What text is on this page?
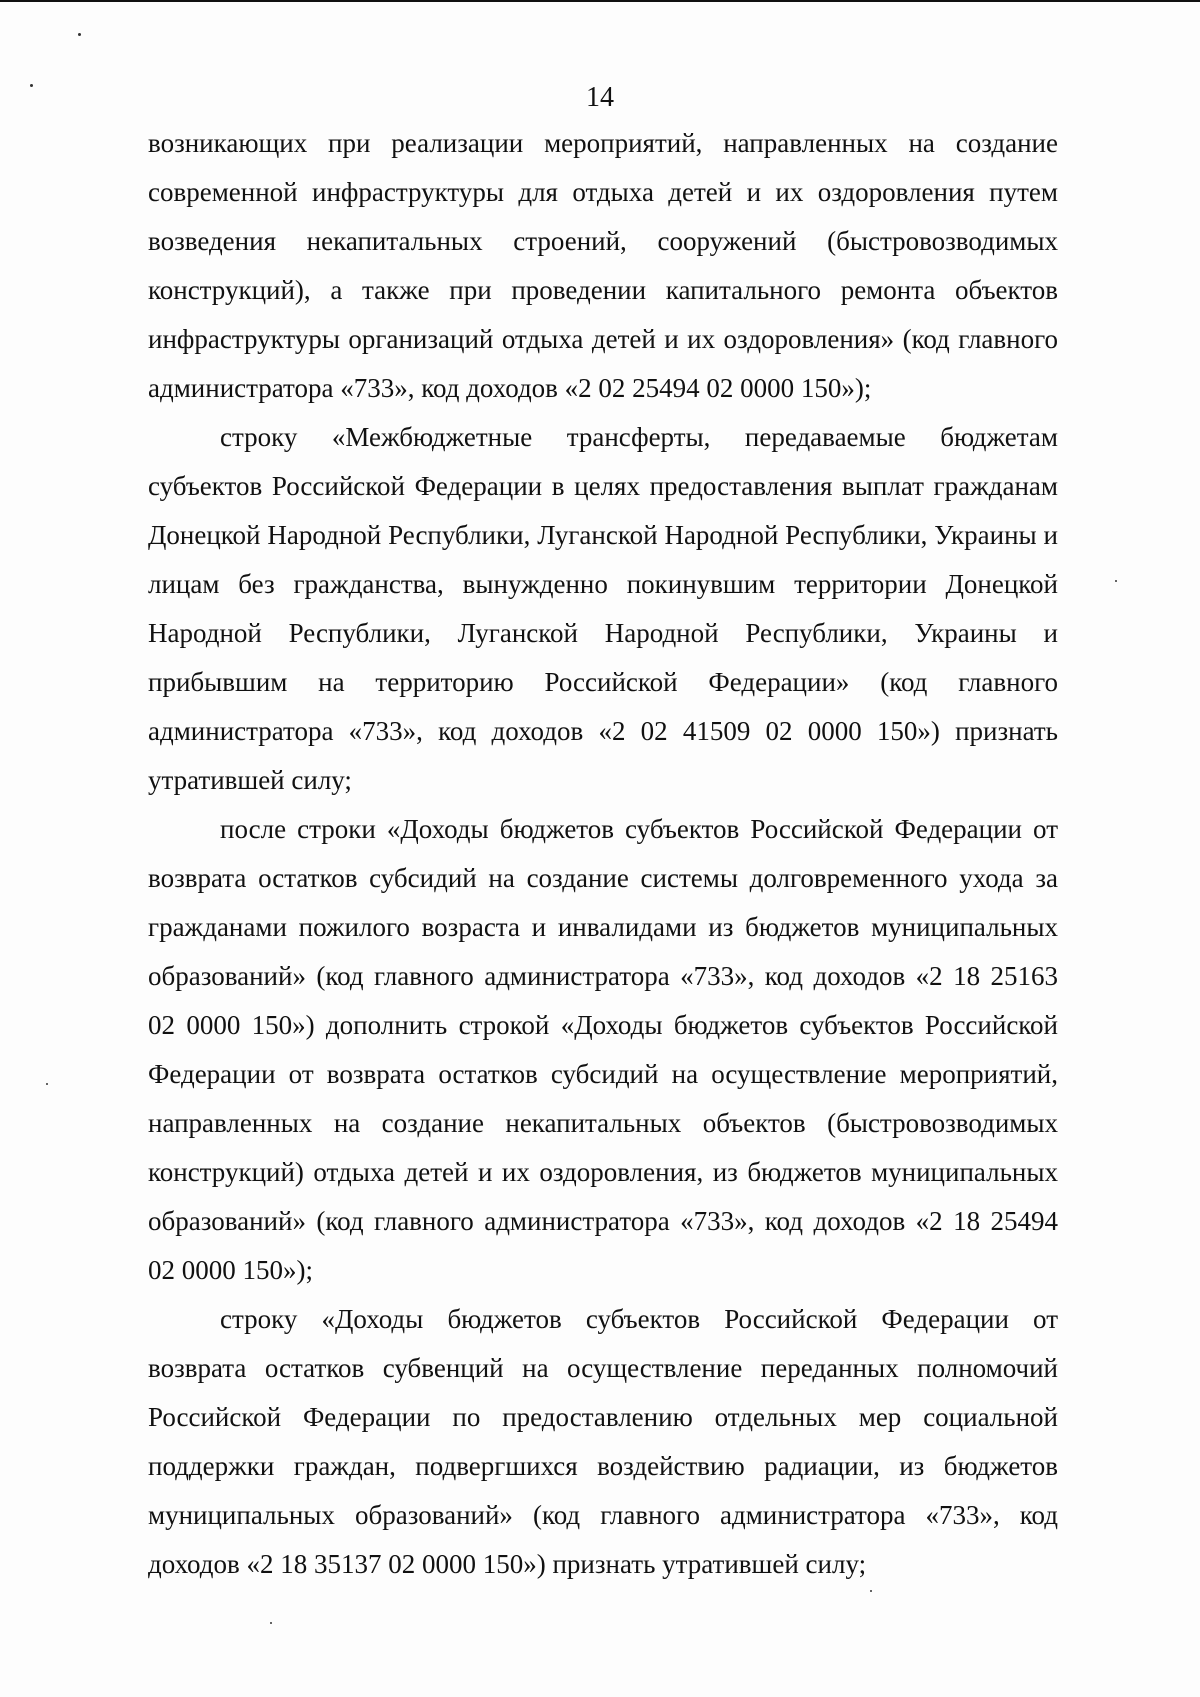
14

возникающих при реализации мероприятий, направленных на создание современной инфраструктуры для отдыха детей и их оздоровления путем возведения некапитальных строений, сооружений (быстровозводимых конструкций), а также при проведении капитального ремонта объектов инфраструктуры организаций отдыха детей и их оздоровления» (код главного администратора «733», код доходов «2 02 25494 02 0000 150»);

строку «Межбюджетные трансферты, передаваемые бюджетам субъектов Российской Федерации в целях предоставления выплат гражданам Донецкой Народной Республики, Луганской Народной Республики, Украины и лицам без гражданства, вынужденно покинувшим территории Донецкой Народной Республики, Луганской Народной Республики, Украины и прибывшим на территорию Российской Федерации» (код главного администратора «733», код доходов «2 02 41509 02 0000 150») признать утратившей силу;

после строки «Доходы бюджетов субъектов Российской Федерации от возврата остатков субсидий на создание системы долговременного ухода за гражданами пожилого возраста и инвалидами из бюджетов муниципальных образований» (код главного администратора «733», код доходов «2 18 25163 02 0000 150») дополнить строкой «Доходы бюджетов субъектов Российской Федерации от возврата остатков субсидий на осуществление мероприятий, направленных на создание некапитальных объектов (быстровозводимых конструкций) отдыха детей и их оздоровления, из бюджетов муниципальных образований» (код главного администратора «733», код доходов «2 18 25494 02 0000 150»);

строку «Доходы бюджетов субъектов Российской Федерации от возврата остатков субвенций на осуществление переданных полномочий Российской Федерации по предоставлению отдельных мер социальной поддержки граждан, подвергшихся воздействию радиации, из бюджетов муниципальных образований» (код главного администратора «733», код доходов «2 18 35137 02 0000 150») признать утратившей силу;
